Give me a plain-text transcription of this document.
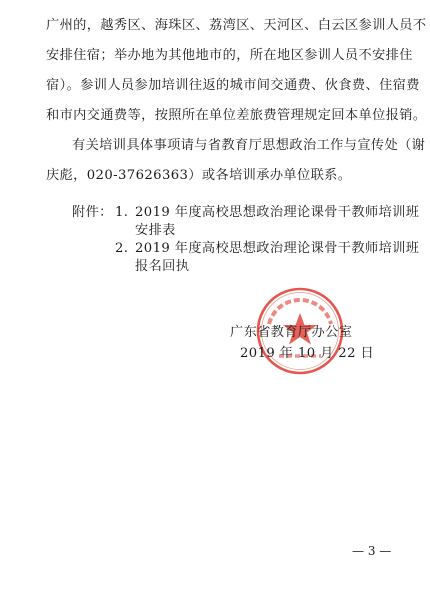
广州的，越秀区、海珠区、荔湾区、天河区、白云区参训人员不
安排住宿；举办地为其他地市的，所在地区参训人员不安排住
宿）。参训人员参加培训往返的城市间交通费、伙食费、住宿费
和市内交通费等，按照所在单位差旅费管理规定回本单位报销。
有关培训具体事项请与省教育厅思想政治工作与宣传处（谢
庆彪，020-37626363）或各培训承办单位联系。
附件： 1. 2019 年度高校思想政治理论课骨干教师培训班
安排表
2. 2019 年度高校思想政治理论课骨干教师培训班
报名回执
广东省教育厅办公室
2019 年 10 月 22 日
— 3 —
